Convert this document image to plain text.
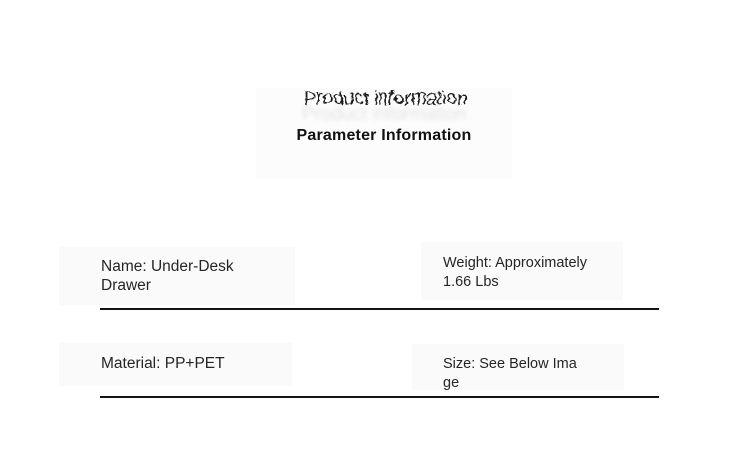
Product information
Product information
Parameter Information
Name: Under-Desk Drawer
Weight: Approximately 1.66 Lbs
Material: PP+PET	Size: See Below Image
